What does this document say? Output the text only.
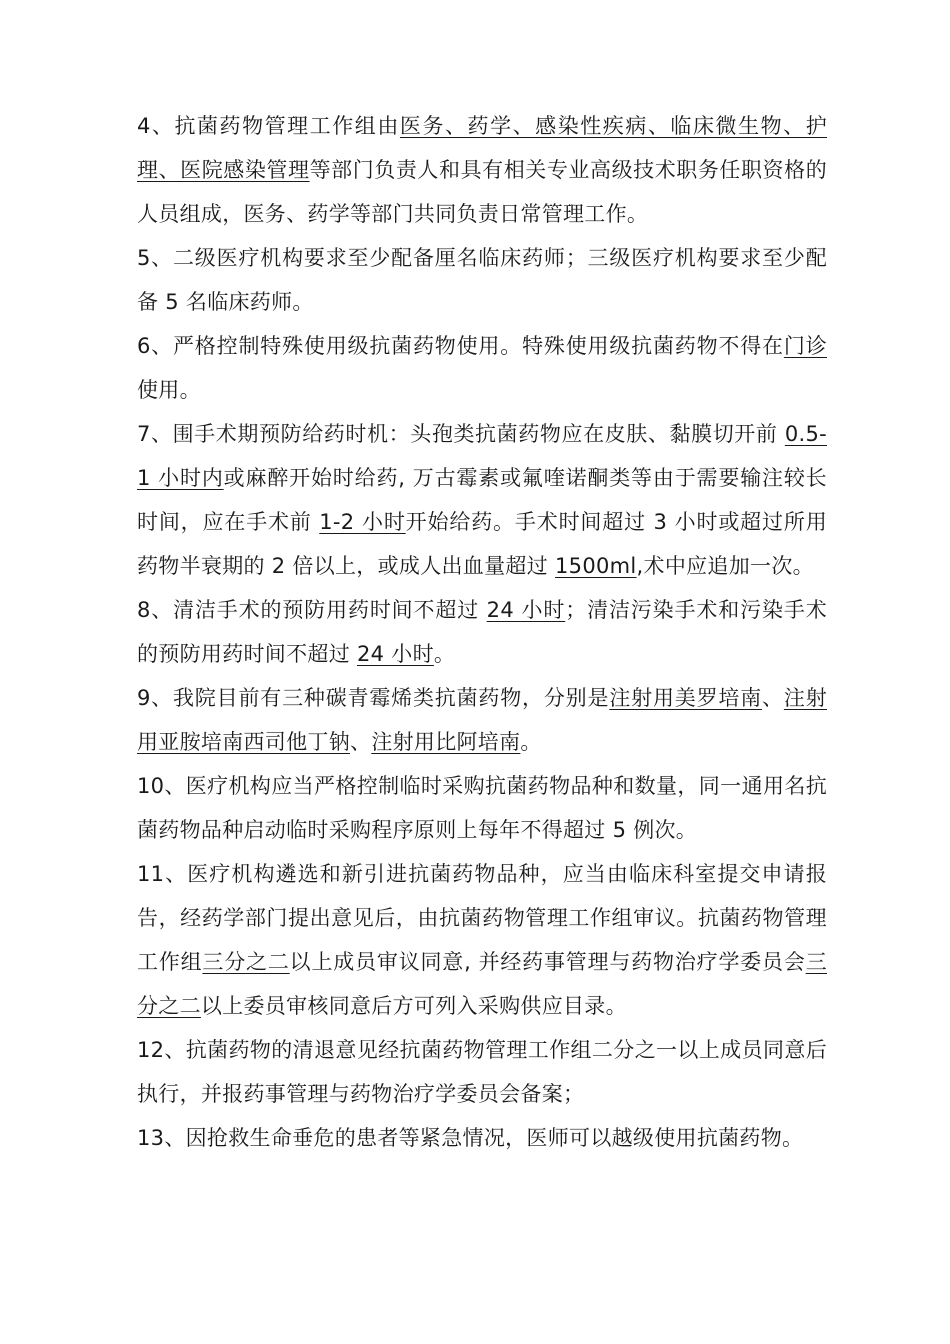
4、抗菌药物管理工作组由医务、药学、感染性疾病、临床微生物、护理、医院感染管理等部门负责人和具有相关专业高级技术职务任职资格的人员组成，医务、药学等部门共同负责日常管理工作。

5、二级医疗机构要求至少配备厘名临床药师；三级医疗机构要求至少配备 5 名临床药师。

6、严格控制特殊使用级抗菌药物使用。特殊使用级抗菌药物不得在门诊使用。

7、围手术期预防给药时机：头孢类抗菌药物应在皮肤、黏膜切开前 0.5-1 小时内或麻醉开始时给药, 万古霉素或氟喹诺酮类等由于需要输注较长时间，应在手术前 1-2 小时开始给药。手术时间超过 3 小时或超过所用药物半衰期的 2 倍以上，或成人出血量超过 1500ml,术中应追加一次。

8、清洁手术的预防用药时间不超过 24 小时；清洁污染手术和污染手术的预防用药时间不超过 24 小时。

9、我院目前有三种碳青霉烯类抗菌药物，分别是注射用美罗培南、注射用亚胺培南西司他丁钠、注射用比阿培南。

10、医疗机构应当严格控制临时采购抗菌药物品种和数量，同一通用名抗菌药物品种启动临时采购程序原则上每年不得超过 5 例次。

11、医疗机构遴选和新引进抗菌药物品种，应当由临床科室提交申请报告，经药学部门提出意见后，由抗菌药物管理工作组审议。抗菌药物管理工作组三分之二以上成员审议同意, 并经药事管理与药物治疗学委员会三分之二以上委员审核同意后方可列入采购供应目录。

12、抗菌药物的清退意见经抗菌药物管理工作组二分之一以上成员同意后执行，并报药事管理与药物治疗学委员会备案；

13、因抢救生命垂危的患者等紧急情况，医师可以越级使用抗菌药物。
